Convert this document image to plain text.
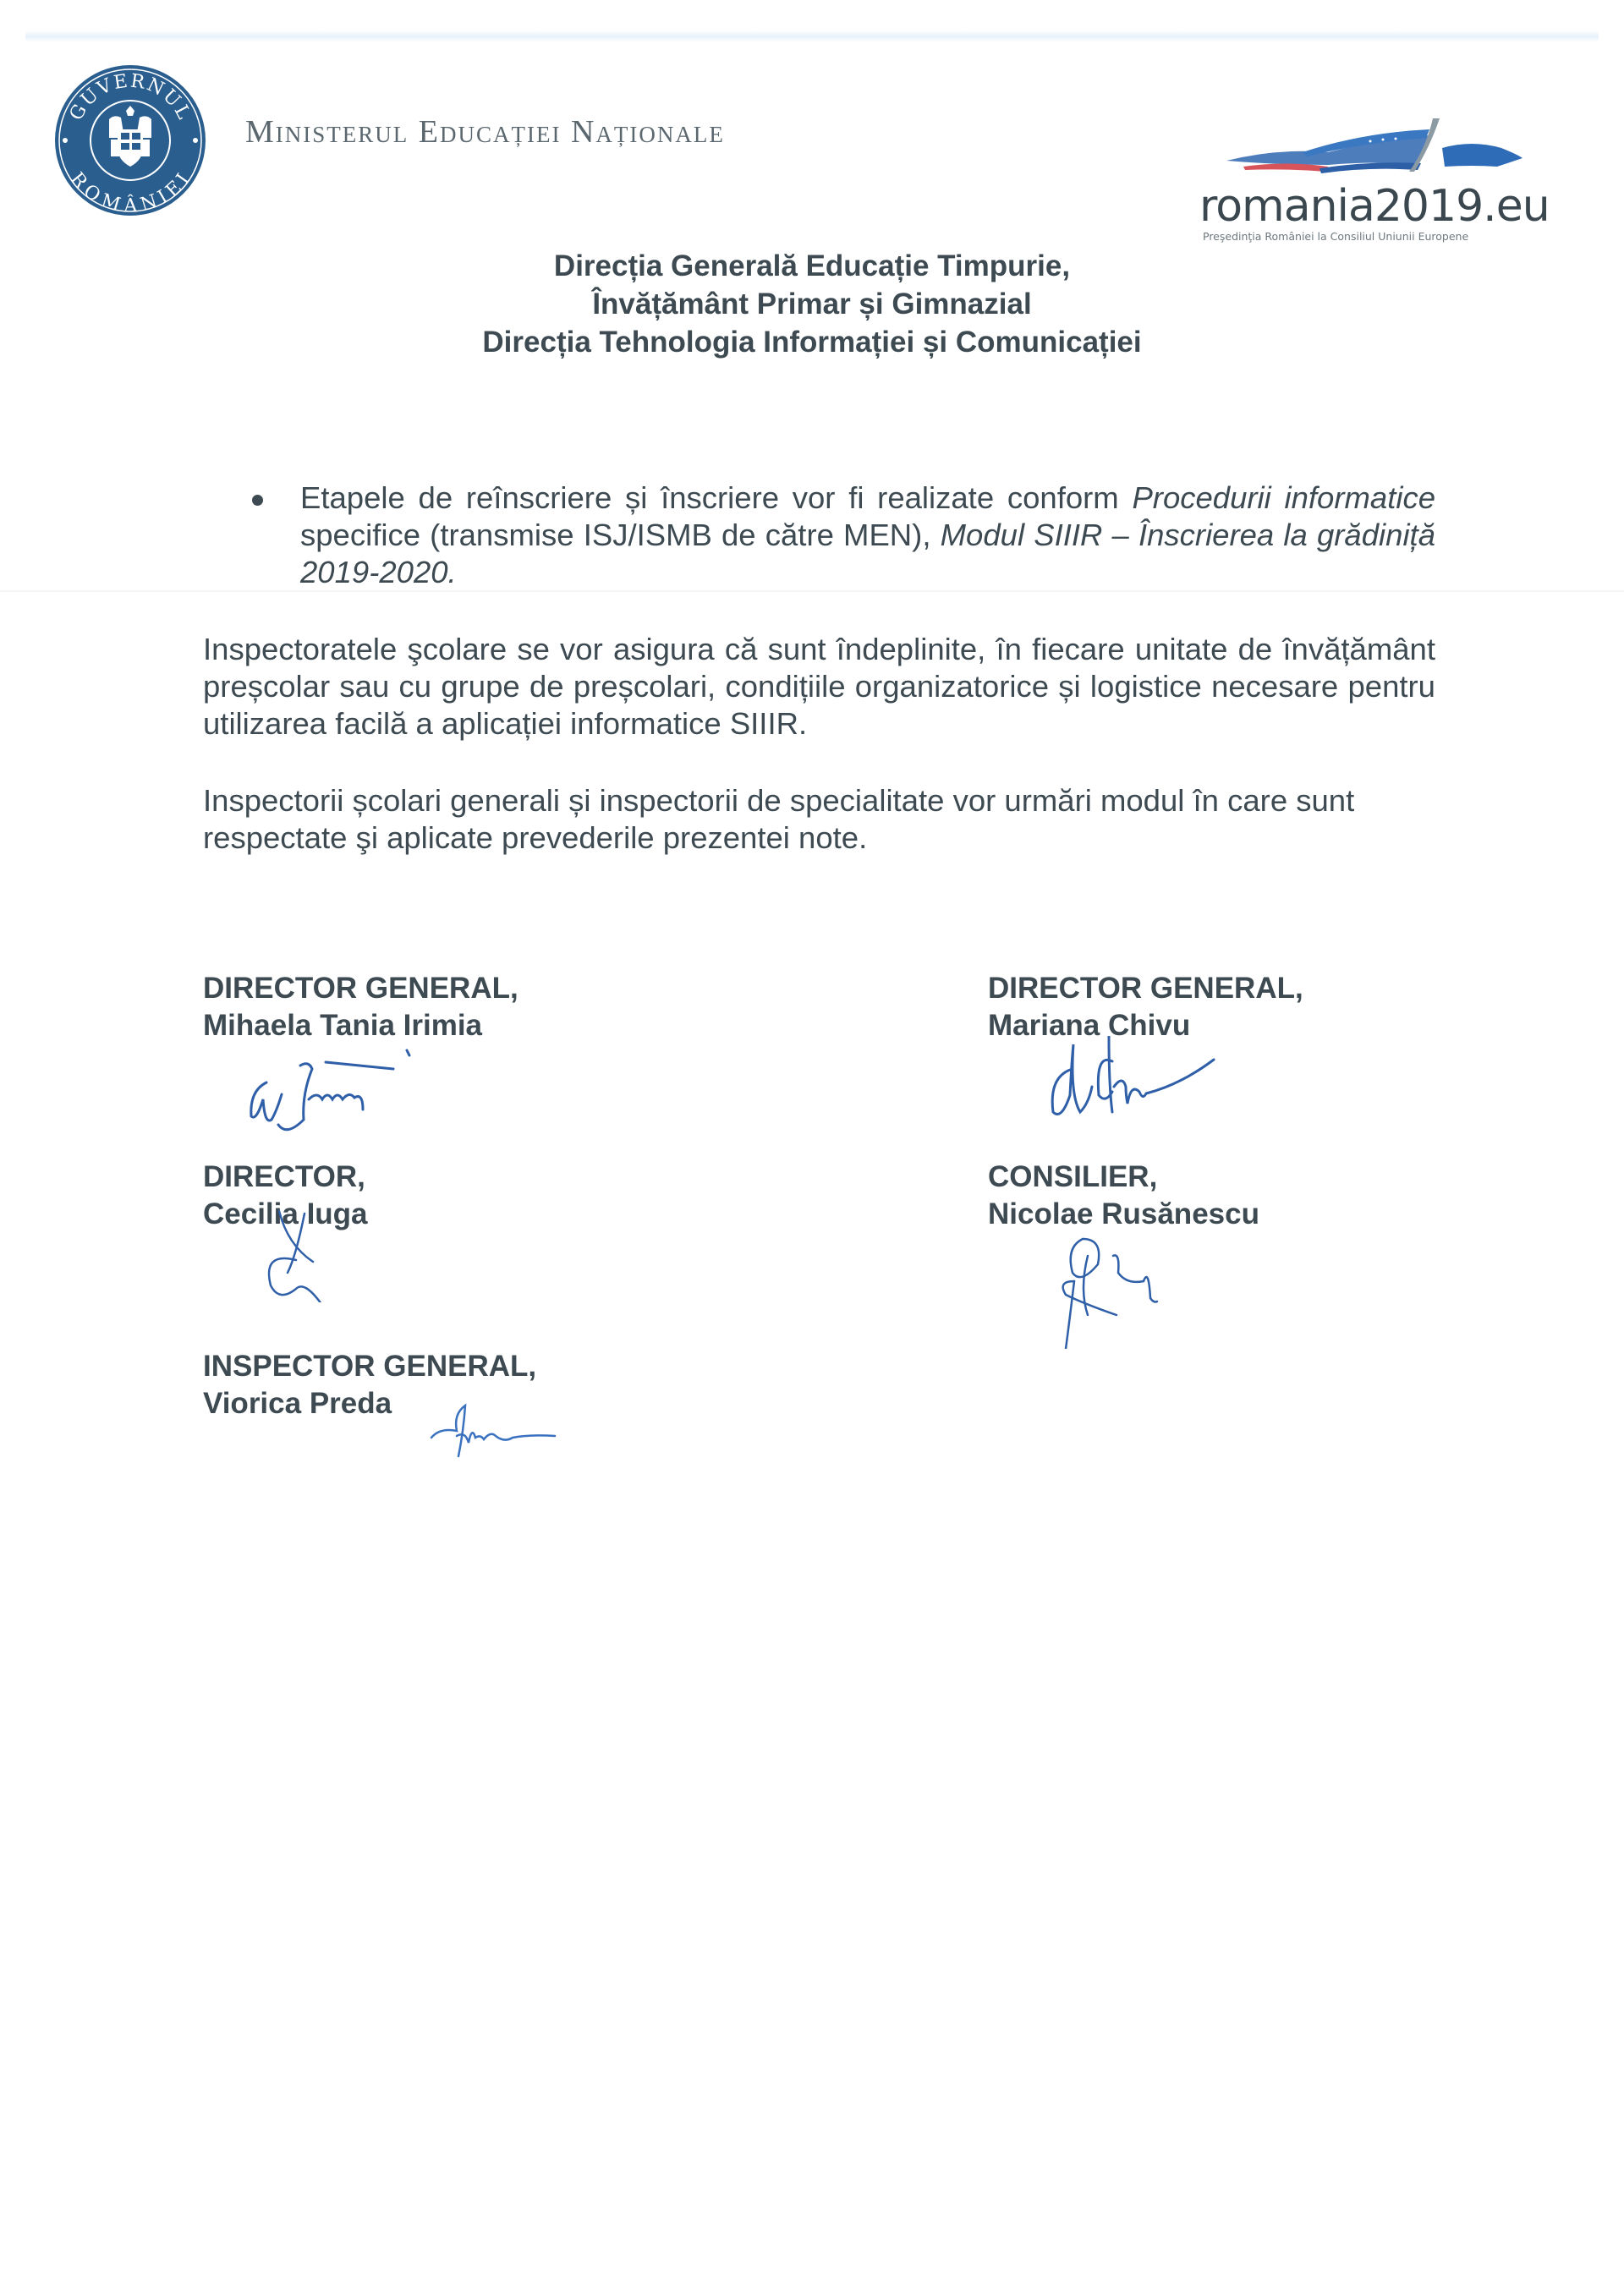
GUVERNUL
ROMÂNIEI
Ministerul Educației Naționale
romania2019.eu
Preşedinţia României la Consiliul Uniunii Europene
Direcția Generală Educație Timpurie,
Învățământ Primar și Gimnazial
Direcția Tehnologia Informației și Comunicației
Etapele de reînscriere și înscriere vor fi realizate conform Procedurii informatice specifice (transmise ISJ/ISMB de către MEN), Modul SIIIR – Înscrierea la grădiniță 2019-2020.
Inspectoratele şcolare se vor asigura că sunt îndeplinite, în fiecare unitate de învățământ preșcolar sau cu grupe de preșcolari, condițiile organizatorice și logistice necesare pentru utilizarea facilă a aplicației informatice SIIIR.
Inspectorii școlari generali și inspectorii de specialitate vor urmări modul în care sunt respectate şi aplicate prevederile prezentei note.
DIRECTOR GENERAL,
Mihaela Tania Irimia
DIRECTOR,
Cecilia Iuga
INSPECTOR GENERAL,
Viorica Preda
DIRECTOR GENERAL,
Mariana Chivu
CONSILIER,
Nicolae Rusănescu
